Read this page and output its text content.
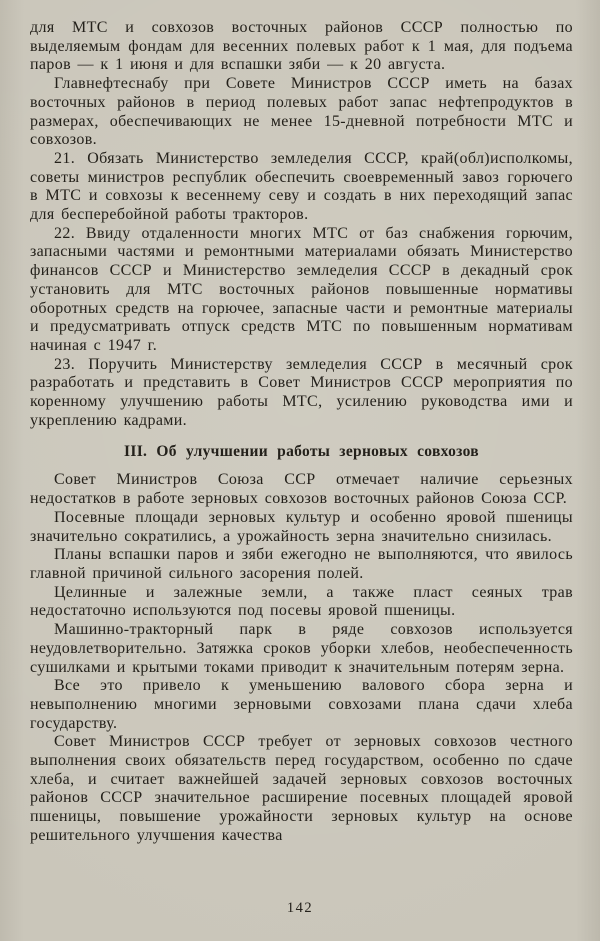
для МТС и совхозов восточных районов СССР полностью по выделяемым фондам для весенних полевых работ к 1 мая, для подъема паров — к 1 июня и для вспашки зяби — к 20 августа.

Главнефтеснабу при Совете Министров СССР иметь на базах восточных районов в период полевых работ запас нефтепродуктов в размерах, обеспечивающих не менее 15-дневной потребности МТС и совхозов.

21. Обязать Министерство земледелия СССР, край(обл)исполкомы, советы министров республик обеспечить своевременный завоз горючего в МТС и совхозы к весеннему севу и создать в них переходящий запас для бесперебойной работы тракторов.

22. Ввиду отдаленности многих МТС от баз снабжения горючим, запасными частями и ремонтными материалами обязать Министерство финансов СССР и Министерство земледелия СССР в декадный срок установить для МТС восточных районов повышенные нормативы оборотных средств на горючее, запасные части и ремонтные материалы и предусматривать отпуск средств МТС по повышенным нормативам начиная с 1947 г.

23. Поручить Министерству земледелия СССР в месячный срок разработать и представить в Совет Министров СССР мероприятия по коренному улучшению работы МТС, усилению руководства ими и укреплению кадрами.

III. Об улучшении работы зерновых совхозов

Совет Министров Союза ССР отмечает наличие серьезных недостатков в работе зерновых совхозов восточных районов Союза ССР.

Посевные площади зерновых культур и особенно яровой пшеницы значительно сократились, а урожайность зерна значительно снизилась.

Планы вспашки паров и зяби ежегодно не выполняются, что явилось главной причиной сильного засорения полей.

Целинные и залежные земли, а также пласт сеяных трав недостаточно используются под посевы яровой пшеницы.

Машинно-тракторный парк в ряде совхозов используется неудовлетворительно. Затяжка сроков уборки хлебов, необеспеченность сушилками и крытыми токами приводит к значительным потерям зерна.

Все это привело к уменьшению валового сбора зерна и невыполнению многими зерновыми совхозами плана сдачи хлеба государству.

Совет Министров СССР требует от зерновых совхозов честного выполнения своих обязательств перед государством, особенно по сдаче хлеба, и считает важнейшей задачей зерновых совхозов восточных районов СССР значительное расширение посевных площадей яровой пшеницы, повышение урожайности зерновых культур на основе решительного улучшения качества

142
